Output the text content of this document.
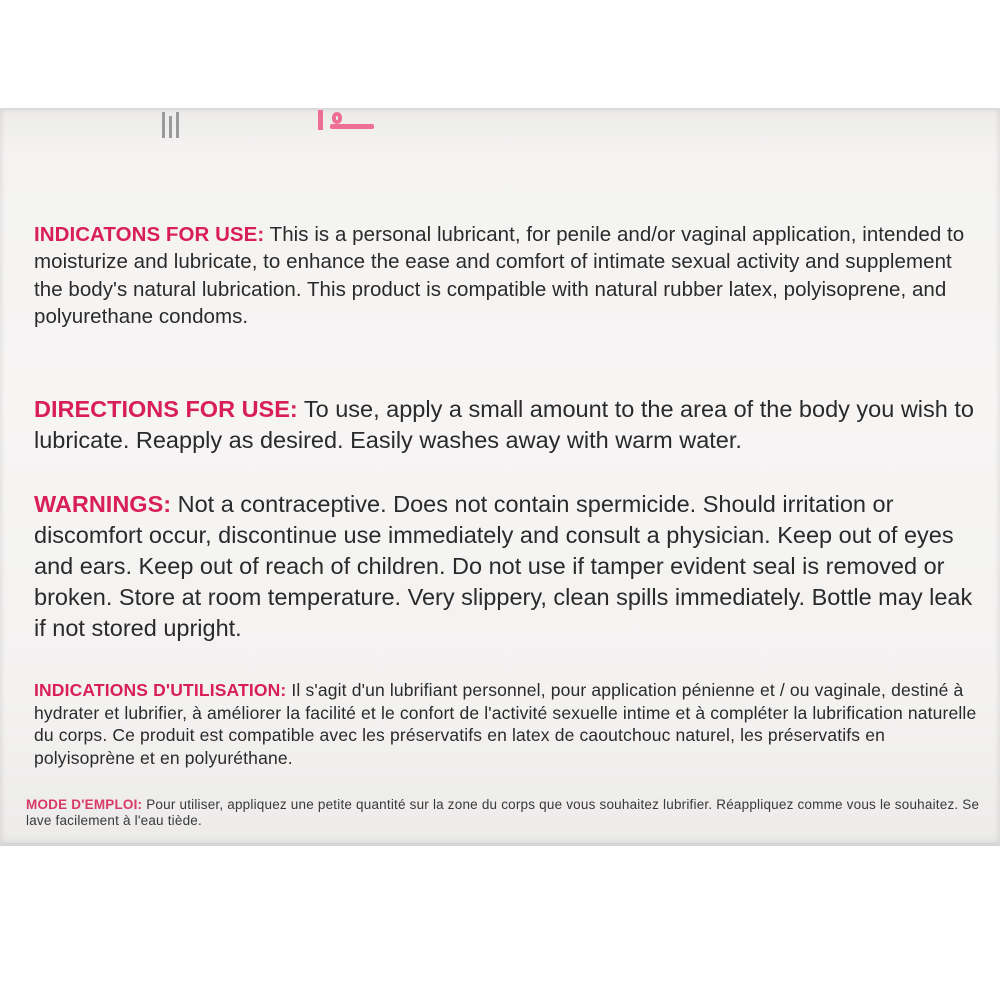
INDICATONS FOR USE: This is a personal lubricant, for penile and/or vaginal application, intended to moisturize and lubricate, to enhance the ease and comfort of intimate sexual activity and supplement the body's natural lubrication. This product is compatible with natural rubber latex, polyisoprene, and polyurethane condoms.
DIRECTIONS FOR USE: To use, apply a small amount to the area of the body you wish to lubricate. Reapply as desired. Easily washes away with warm water.
WARNINGS: Not a contraceptive. Does not contain spermicide. Should irritation or discomfort occur, discontinue use immediately and consult a physician. Keep out of eyes and ears. Keep out of reach of children. Do not use if tamper evident seal is removed or broken. Store at room temperature. Very slippery, clean spills immediately. Bottle may leak if not stored upright.
INDICATIONS D'UTILISATION: Il s'agit d'un lubrifiant personnel, pour application pénienne et / ou vaginale, destiné à hydrater et lubrifier, à améliorer la facilité et le confort de l'activité sexuelle intime et à compléter la lubrification naturelle du corps. Ce produit est compatible avec les préservatifs en latex de caoutchouc naturel, les préservatifs en polyisoprène et en polyuréthane.
MODE D'EMPLOI: Pour utiliser, appliquez une petite quantité sur la zone du corps que vous souhaitez lubrifier. Réappliquez comme vous le souhaitez. Se lave facilement à l'eau tiède.
